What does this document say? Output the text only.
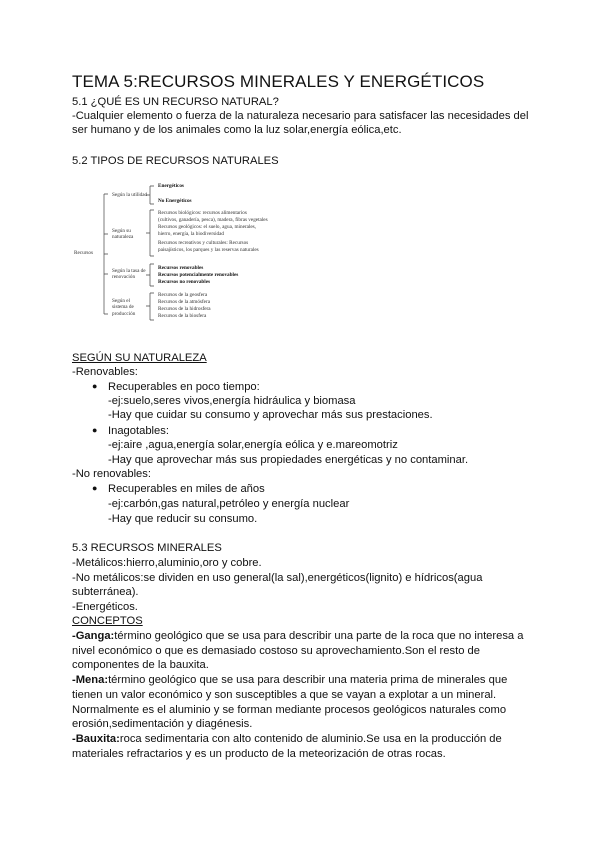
TEMA 5:RECURSOS MINERALES Y ENERGÉTICOS
5.1 ¿QUÉ ES UN RECURSO NATURAL?
-Cualquier elemento o fuerza de la naturaleza necesario para satisfacer las necesidades del
ser humano y de los animales como la luz solar,energía eólica,etc.
5.2 TIPOS DE RECURSOS NATURALES
Recursos
Según la utilidad
Energéticos
No Energéticos
Según su naturaleza
Recursos biológicos: recursos alimentarios
(cultivos, ganadería, pesca), madera, fibras vegetales
Recursos geológicos: el suelo, agua, minerales,
hierro, energía, la biodiversidad
Recursos recreativos y culturales: Recursos
paisajísticos, los parques y las reservas naturales
Según la tasa de renovación
Recursos renovables
Recursos potencialmente renovables
Recursos no renovables
Según el sistema de producción
Recursos de la geosfera
Recursos de la atmósfera
Recursos de la hidrosfera
Recursos de la biosfera
SEGÚN SU NATURALEZA
-Renovables:
● Recuperables en poco tiempo:
-ej:suelo,seres vivos,energía hidráulica y biomasa
-Hay que cuidar su consumo y aprovechar más sus prestaciones.
● Inagotables:
-ej:aire ,agua,energía solar,energía eólica y e.mareomotriz
-Hay que aprovechar más sus propiedades energéticas y no contaminar.
-No renovables:
● Recuperables en miles de años
-ej:carbón,gas natural,petróleo y energía nuclear
-Hay que reducir su consumo.
5.3 RECURSOS MINERALES
-Metálicos:hierro,aluminio,oro y cobre.
-No metálicos:se dividen en uso general(la sal),energéticos(lignito) e hídricos(agua
subterránea).
-Energéticos.
CONCEPTOS
-Ganga:término geológico que se usa para describir una parte de la roca que no interesa a
nivel económico o que es demasiado costoso su aprovechamiento.Son el resto de
componentes de la bauxita.
-Mena:término geológico que se usa para describir una materia prima de minerales que
tienen un valor económico y son susceptibles a que se vayan a explotar a un mineral.
Normalmente es el aluminio y se forman mediante procesos geológicos naturales como
erosión,sedimentación y diagénesis.
-Bauxita:roca sedimentaria con alto contenido de aluminio.Se usa en la producción de
materiales refractarios y es un producto de la meteorización de otras rocas.
